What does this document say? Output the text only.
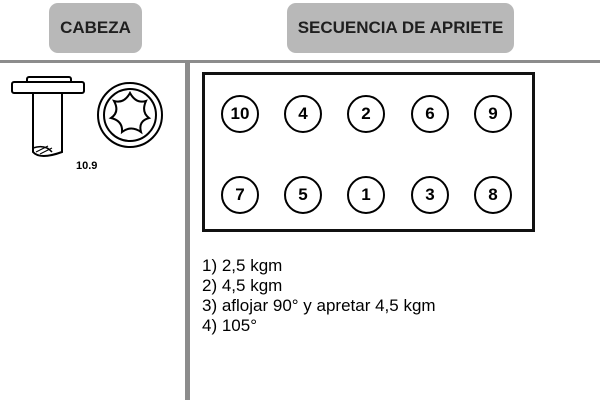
CABEZA	SECUENCIA DE APRIETE
10.9
10	4	2	6	9
7	5	1	3	8
1) 2,5 kgm
2) 4,5 kgm
3) aflojar 90° y apretar 4,5 kgm
4) 105°
